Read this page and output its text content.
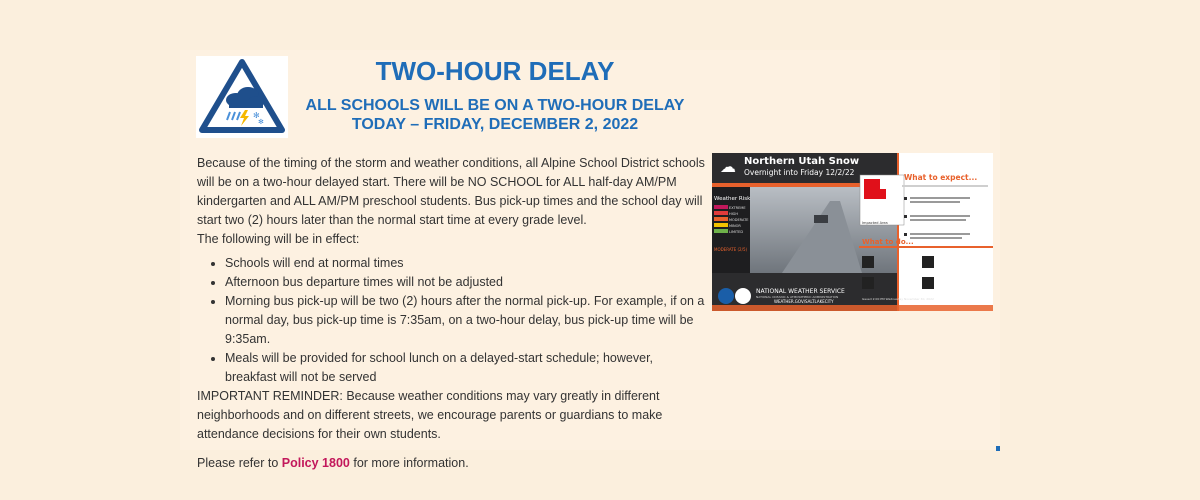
✻
✻
TWO-HOUR DELAY
ALL SCHOOLS WILL BE ON A TWO-HOUR DELAY
TODAY – FRIDAY, DECEMBER 2, 2022

Because of the timing of the storm and weather conditions, all Alpine School District schools will be on a two-hour delayed start. There will be NO SCHOOL for ALL half-day AM/PM kindergarten and ALL AM/PM preschool students. Bus pick-up times and the school day will start two (2) hours later than the normal start time at every grade level.

The following will be in effect:

• Schools will end at normal times
• Afternoon bus departure times will not be adjusted
• Morning bus pick-up will be two (2) hours after the normal pick-up. For example, if on a normal day, bus pick-up time is 7:35am, on a two-hour delay, bus pick-up time will be 9:35am.
• Meals will be provided for school lunch on a delayed-start schedule; however, breakfast will not be served

IMPORTANT REMINDER: Because weather conditions may vary greatly in different neighborhoods and on different streets, we encourage parents or guardians to make attendance decisions for their own students.

Please refer to Policy 1800 for more information.

Northern Utah Snow
Overnight into Friday 12/2/22
☁
What to expect...
What to do...
Weather Risk
EXTREME
HIGH
MODERATE
MINOR
LIMITED
MODERATE (2/5)
Impacted Area
NATIONAL WEATHER SERVICE
NATIONAL OCEANIC & ATMOSPHERIC ADMINISTRATION
WEATHER.GOV/SALTLAKECITY	Issued 2:00 PM Wednesday November 30, 2022
